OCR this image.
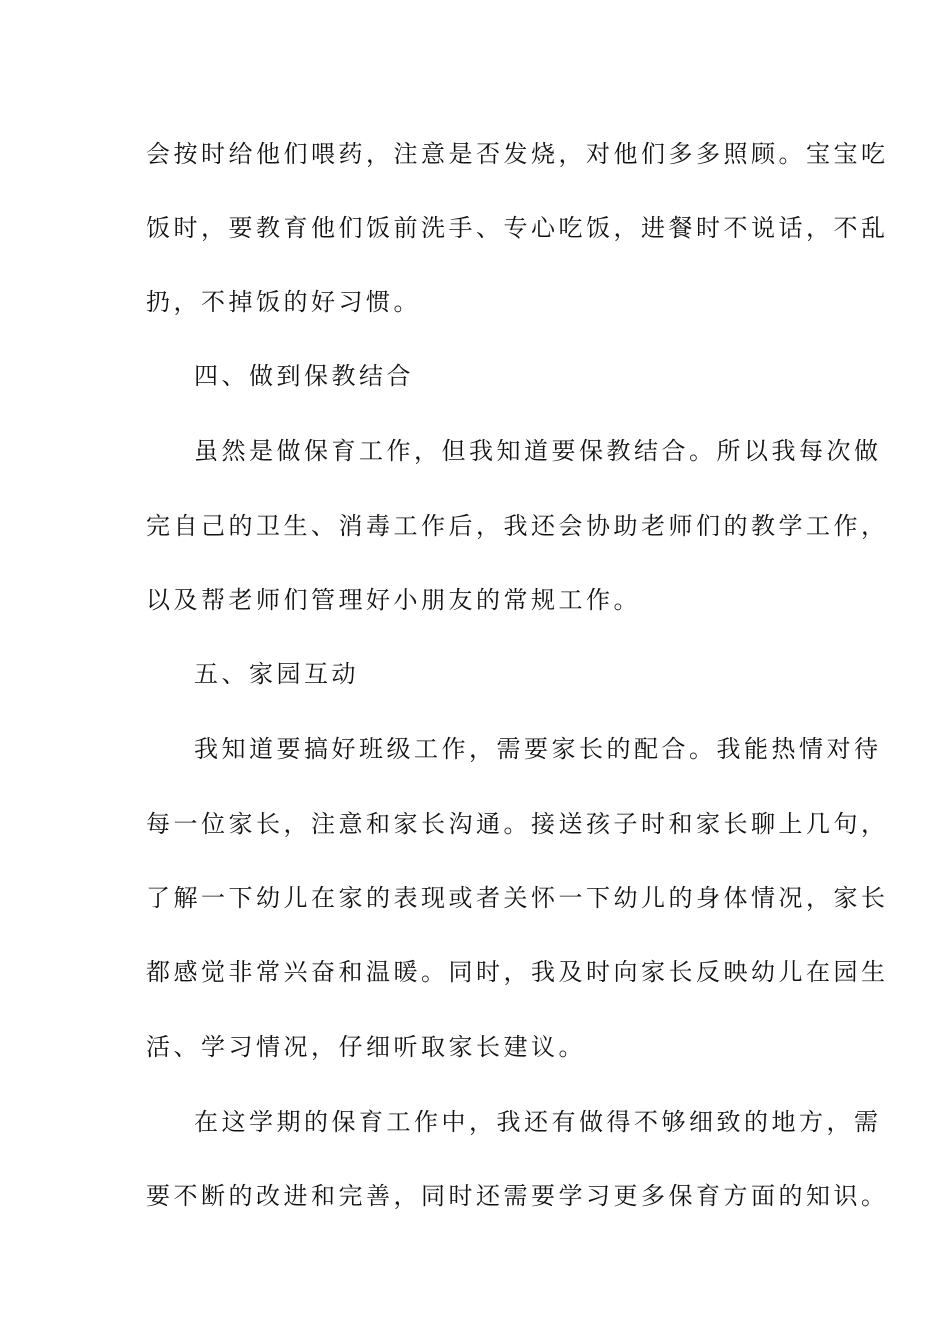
会按时给他们喂药，注意是否发烧，对他们多多照顾。宝宝吃
饭时，要教育他们饭前洗手、专心吃饭，进餐时不说话，不乱
扔，不掉饭的好习惯。
四、做到保教结合
虽然是做保育工作，但我知道要保教结合。所以我每次做
完自己的卫生、消毒工作后，我还会协助老师们的教学工作，
以及帮老师们管理好小朋友的常规工作。
五、家园互动
我知道要搞好班级工作，需要家长的配合。我能热情对待
每一位家长，注意和家长沟通。接送孩子时和家长聊上几句，
了解一下幼儿在家的表现或者关怀一下幼儿的身体情况，家长
都感觉非常兴奋和温暖。同时，我及时向家长反映幼儿在园生
活、学习情况，仔细听取家长建议。
在这学期的保育工作中，我还有做得不够细致的地方，需
要不断的改进和完善，同时还需要学习更多保育方面的知识。
